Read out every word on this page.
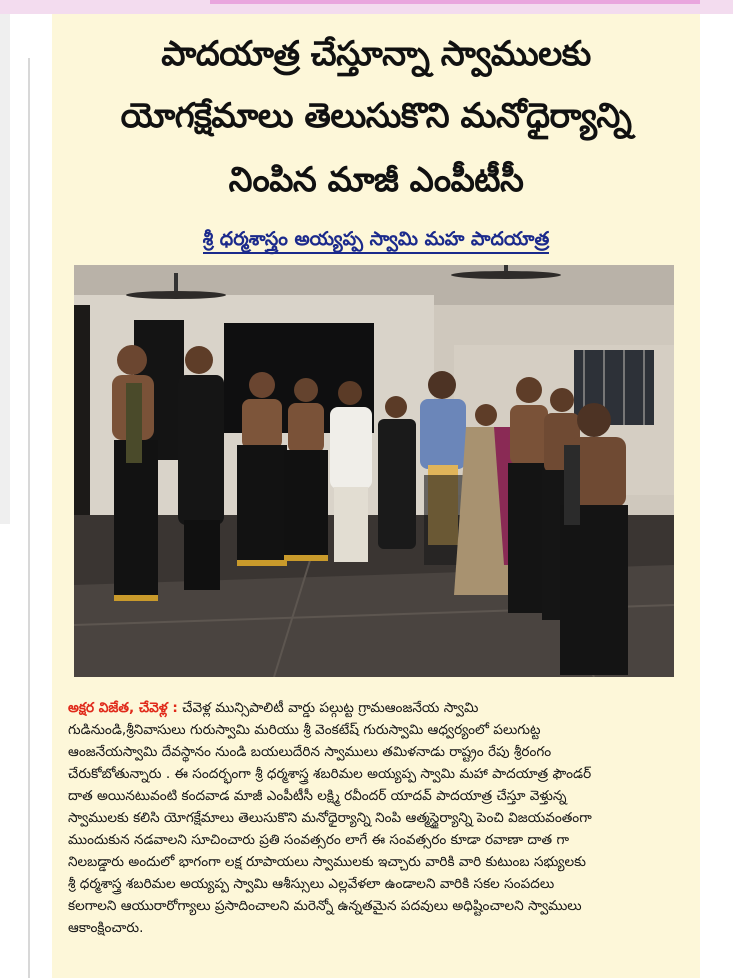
పాదయాత్ర చేస్తూన్నా స్వాములకు
యోగక్షేమాలు తెలుసుకొని మనోధైర్యాన్ని
నింపిన మాజీ ఎంపీటీసీ
శ్రీ ధర్మశాస్త్రం అయ్యప్ప స్వామి మహ పాదయాత్ర
అక్షర విజేత, చేవెళ్ల : చేవెళ్ల మున్సిపాలిటీ వార్డు పల్గుట్ట గ్రామఆంజనేయ స్వామి
గుడినుండి,శ్రీనివాసులు గురుస్వామి మరియు శ్రీ వెంకటేష్ గురుస్వామి ఆధ్వర్యంలో పలుగుట్ట
ఆంజనేయస్వామి దేవస్థానం నుండి బయలుదేరిన స్వాములు తమిళనాడు రాష్ట్రం రేపు శ్రీరంగం
చేరుకోబోతున్నారు . ఈ సందర్భంగా శ్రీ ధర్మశాస్త్ర శబరిమల అయ్యప్ప స్వామి మహా పాదయాత్ర ఫౌండర్
దాత అయినటువంటి కందవాడ మాజీ ఎంపీటీసీ లక్ష్మి రవీందర్ యాదవ్ పాదయాత్ర చేస్తూ వెళ్తున్న
స్వాములకు కలిసి యోగక్షేమాలు తెలుసుకొని మనోధైర్యాన్ని నింపి ఆత్మస్థైర్యాన్ని పెంచి విజయవంతంగా
ముందుకున నడవాలని సూచించారు ప్రతి సంవత్సరం లాగే ఈ సంవత్సరం కూడా రవాణా దాత గా
నిలబడ్డారు అందులో భాగంగా లక్ష రూపాయలు స్వాములకు ఇచ్చారు వారికి వారి కుటుంబ సభ్యులకు
శ్రీ ధర్మశాస్త్ర శబరిమల అయ్యప్ప స్వామి ఆశీస్సులు ఎల్లవేళలా ఉండాలని వారికి సకల సంపదలు
కలగాలని ఆయురారోగ్యాలు ప్రసాదించాలని మరెన్నో ఉన్నతమైన పదవులు అధిష్టించాలని స్వాములు
ఆకాంక్షించారు.
